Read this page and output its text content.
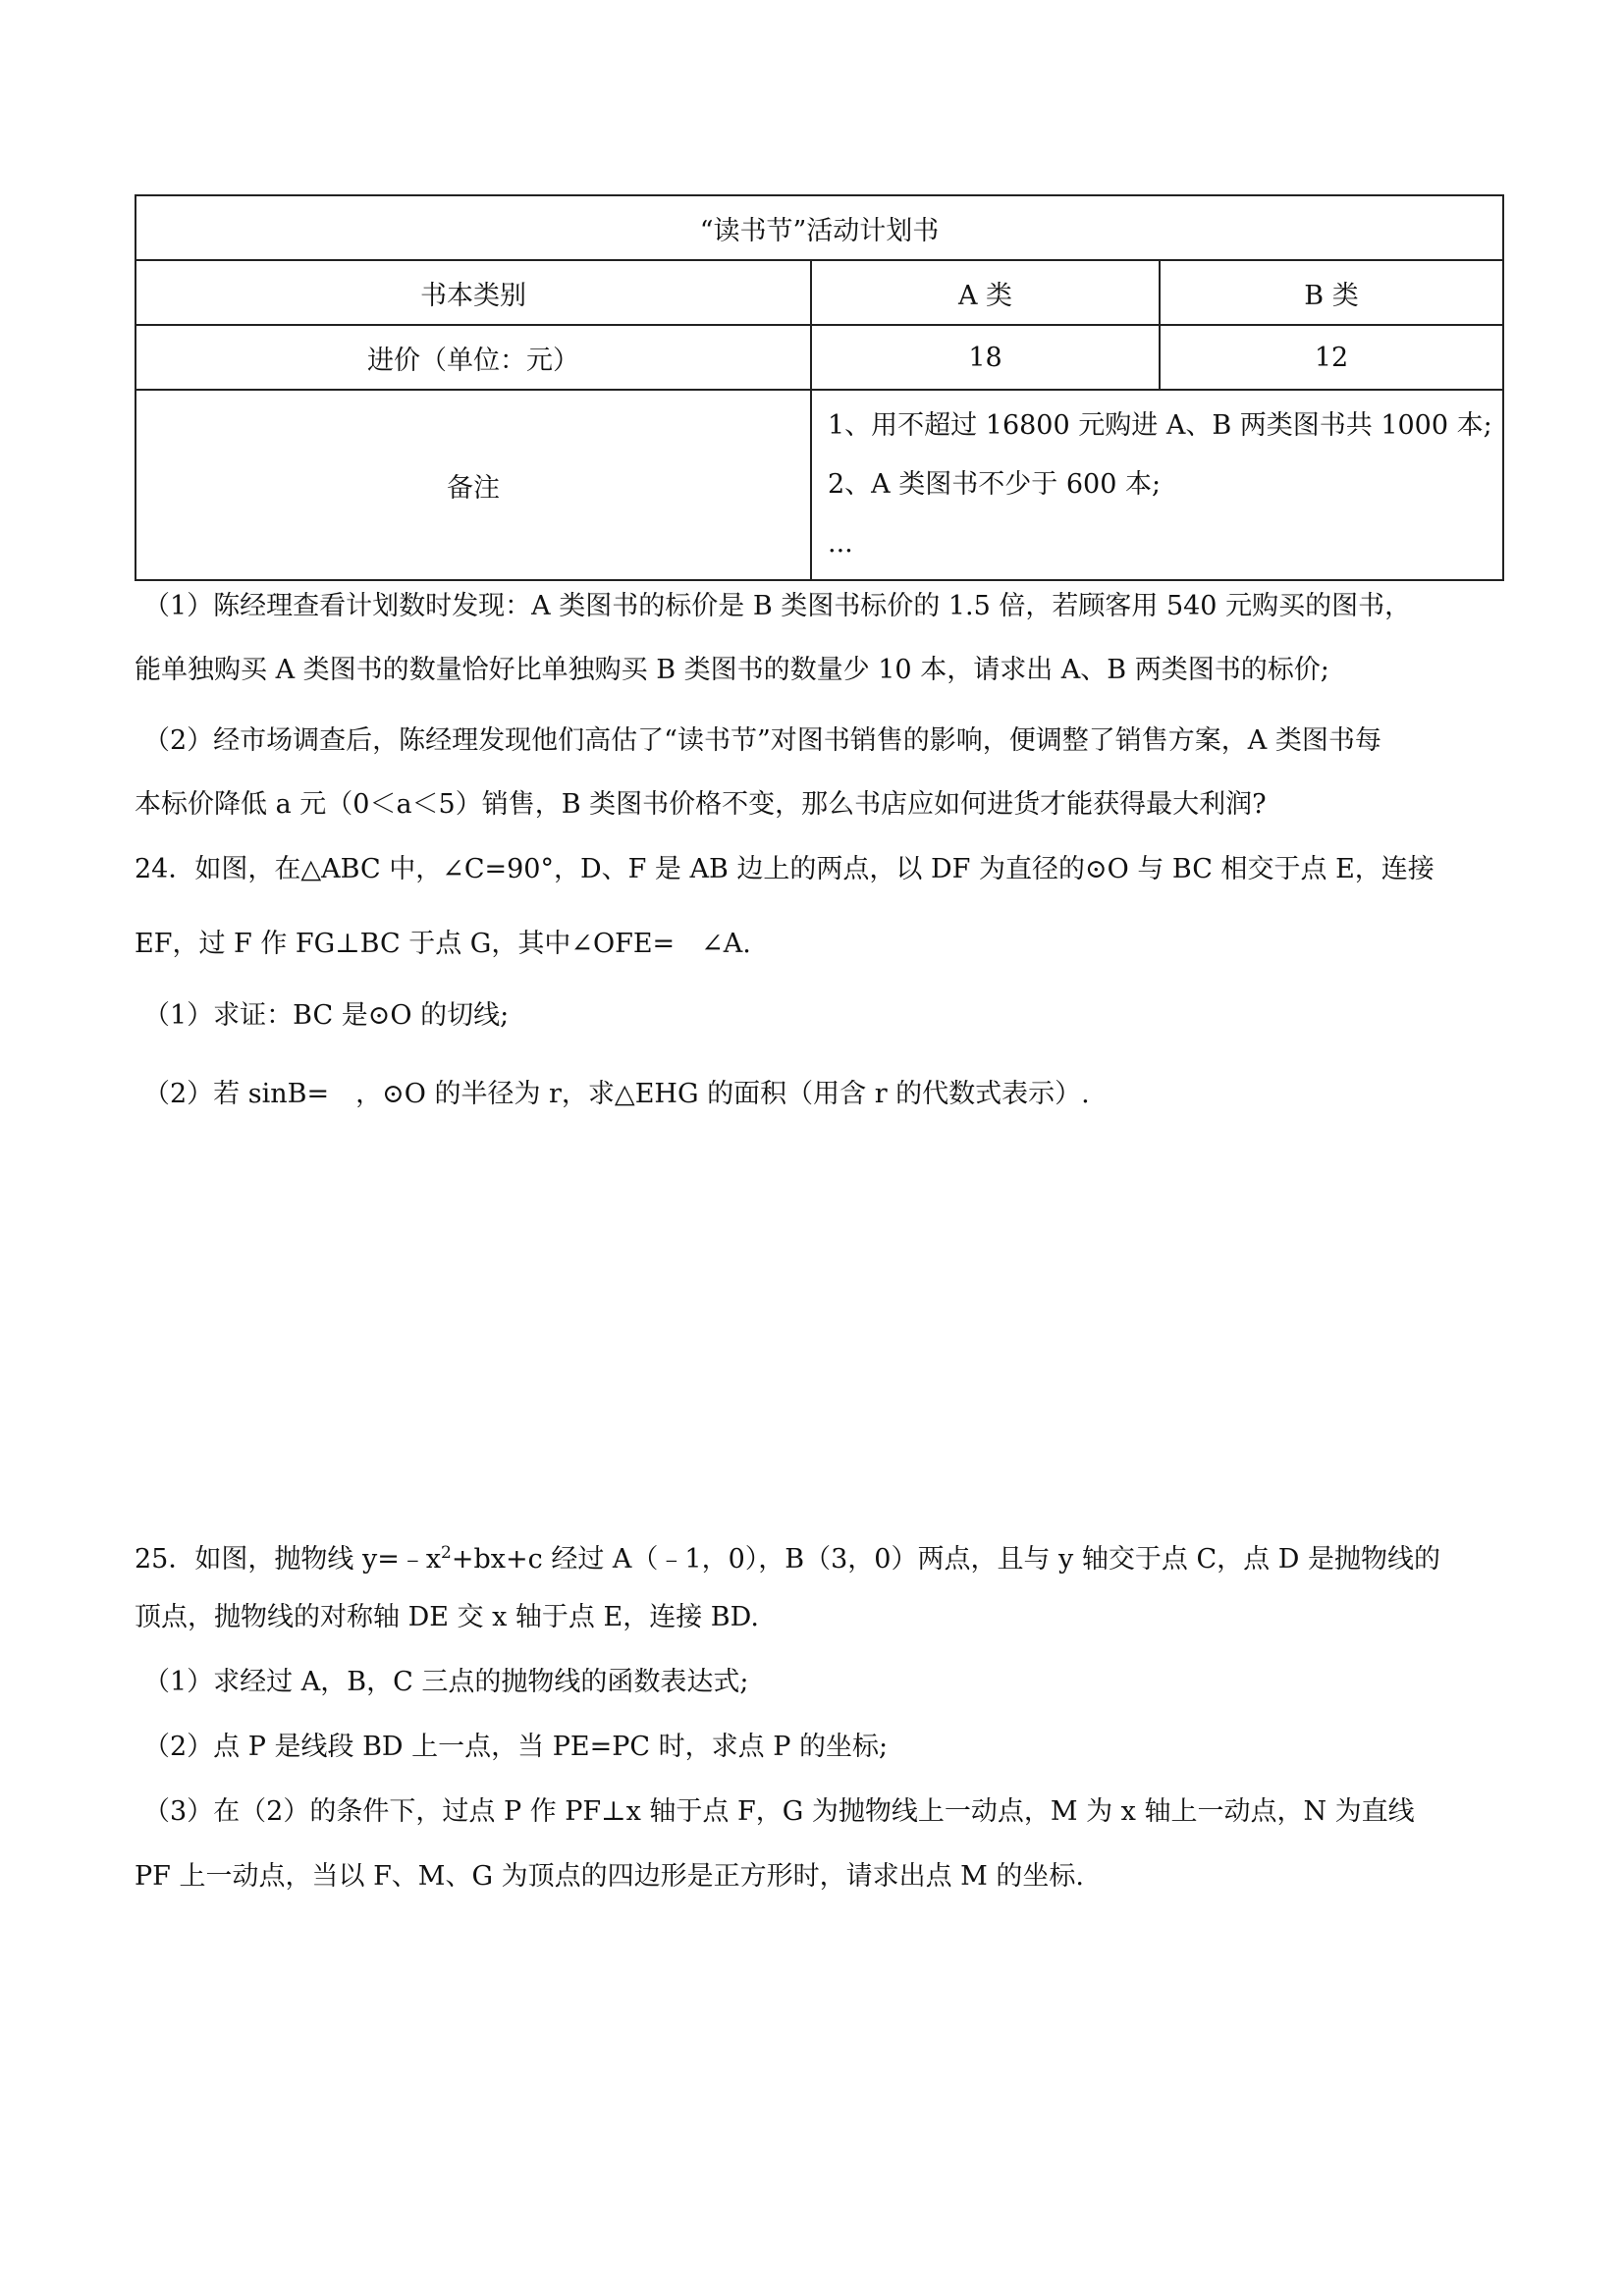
“读书节”活动计划书		
书本类别	A 类	B 类
进价（单位：元）	18	12
备注	1、用不超过 16800 元购进 A、B 两类图书共 1000 本;
2、A 类图书不少于 600 本;
...	
（1）陈经理查看计划数时发现：A 类图书的标价是 B 类图书标价的 1.5 倍，若顾客用 540 元购买的图书，
能单独购买 A 类图书的数量恰好比单独购买 B 类图书的数量少 10 本，请求出 A、B 两类图书的标价;
（2）经市场调查后，陈经理发现他们高估了“读书节”对图书销售的影响，便调整了销售方案，A 类图书每
本标价降低 a 元（0＜a＜5）销售，B 类图书价格不变，那么书店应如何进货才能获得最大利润?
24．如图，在△ABC 中，∠C=90°，D、F 是 AB 边上的两点，以 DF 为直径的⊙O 与 BC 相交于点 E，连接
EF，过 F 作 FG⊥BC 于点 G，其中∠OFE=　∠A.
（1）求证：BC 是⊙O 的切线;
（2）若 sinB=　，⊙O 的半径为 r，求△EHG 的面积（用含 r 的代数式表示）.
25．如图，抛物线 $y=﹣x^2+bx+c$ 经过 A（﹣1，0），B（3，0）两点，且与 y 轴交于点 C，点 D 是抛物线的
顶点，抛物线的对称轴 DE 交 x 轴于点 E，连接 BD.
（1）求经过 A，B，C 三点的抛物线的函数表达式;
（2）点 P 是线段 BD 上一点，当 PE=PC 时，求点 P 的坐标;
（3）在（2）的条件下，过点 P 作 PF⊥x 轴于点 F，G 为抛物线上一动点，M 为 x 轴上一动点，N 为直线
PF 上一动点，当以 F、M、G 为顶点的四边形是正方形时，请求出点 M 的坐标.
